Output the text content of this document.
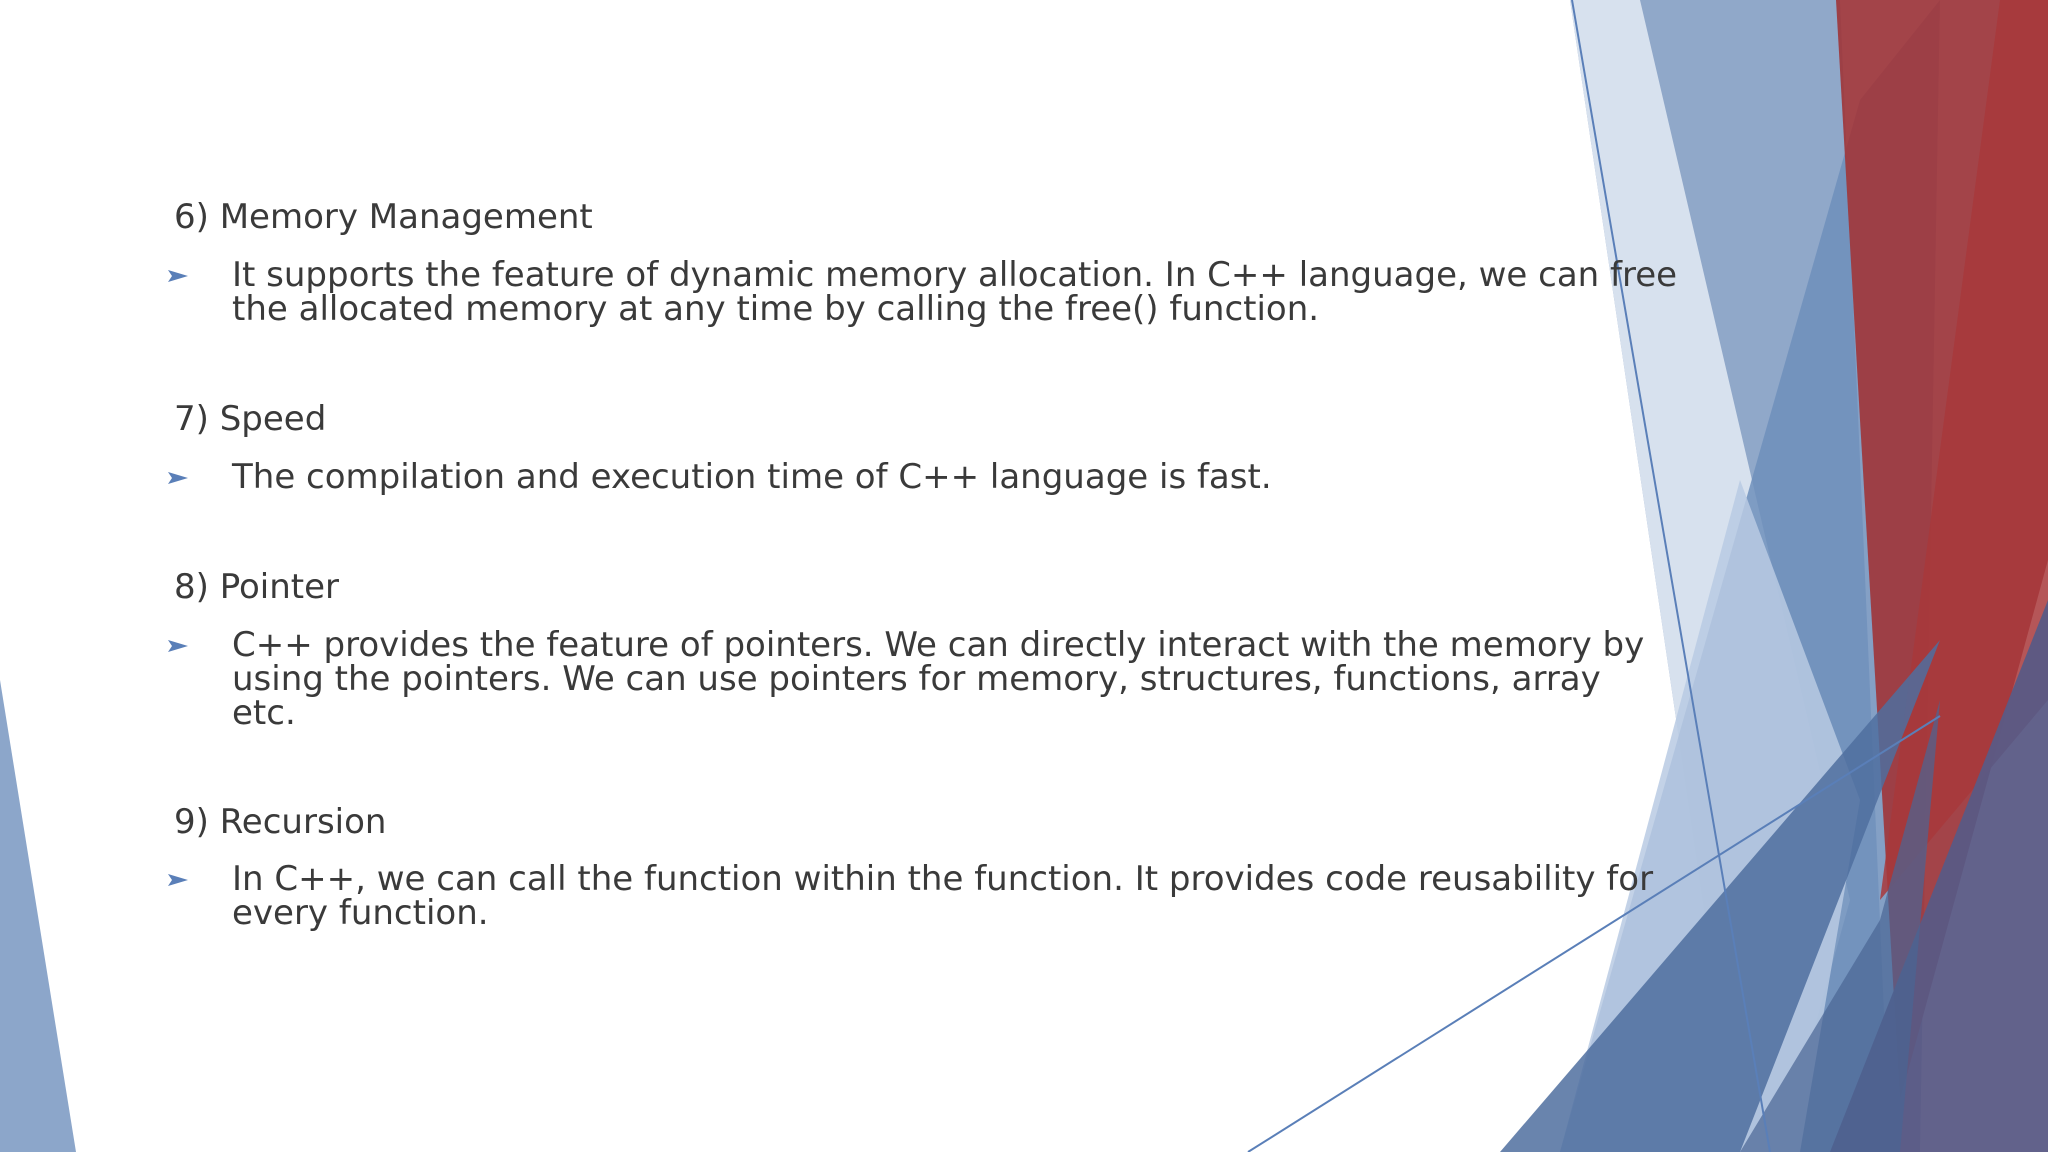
6) Memory Management
It supports the feature of dynamic memory allocation. In C++ language, we can free
the allocated memory at any time by calling the free() function.
7) Speed
The compilation and execution time of C++ language is fast.
8) Pointer
C++ provides the feature of pointers. We can directly interact with the memory by
using the pointers. We can use pointers for memory, structures, functions, array
etc.
9) Recursion
In C++, we can call the function within the function. It provides code reusability for
every function.
